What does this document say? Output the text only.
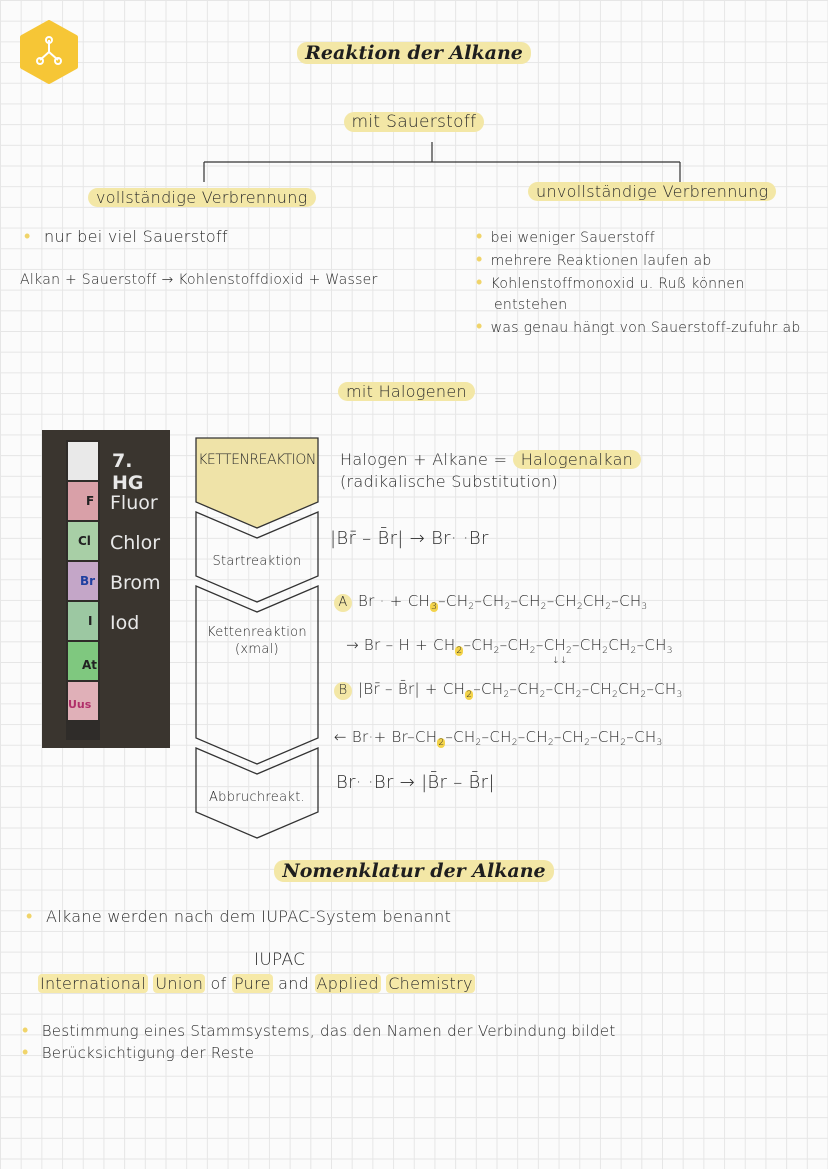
Reaktion der Alkane
mit Sauerstoff
vollständige Verbrennung
• nur bei viel Sauerstoff
Alkan + Sauerstoff → Kohlenstoffdioxid + Wasser
unvollständige Verbrennung
• bei weniger Sauerstoff
• mehrere Reaktionen laufen ab
• Kohlenstoffmonoxid u. Ruß können entstehen
• was genau hängt von Sauerstoff-zufuhr ab
mit Halogenen
F
Cl
Br
I
At
Uus
7. HG
Fluor
Chlor
Brom
Iod
KETTENREAKTION
Startreaktion
Kettenreaktion (xmal)
Abbruchreakt.
Halogen + Alkane = Halogenalkan
(radikalische Substitution)
|Br̄ – B̄r| → Br· ·Br
A Br · + $CH_3-CH_2-CH_2-CH_2-CH_2CH_2-CH_3$
→ $Br - H + CH_2-CH_2-CH_2-CH_2-CH_2CH_2-CH_3$
↓↓
B |Br̄ – B̄r| + $CH_2-CH_2-CH_2-CH_2-CH_2CH_2-CH_3$
← $Br\cdot+ Br-CH_2-CH_2-CH_2-CH_2-CH_2-CH_2-CH_3$
Br· ·Br → |B̄r – B̄r|
Nomenklatur der Alkane
• Alkane werden nach dem IUPAC-System benannt
IUPAC
International Union of Pure and Applied Chemistry
• Bestimmung eines Stammsystems, das den Namen der Verbindung bildet
• Berücksichtigung der Reste
